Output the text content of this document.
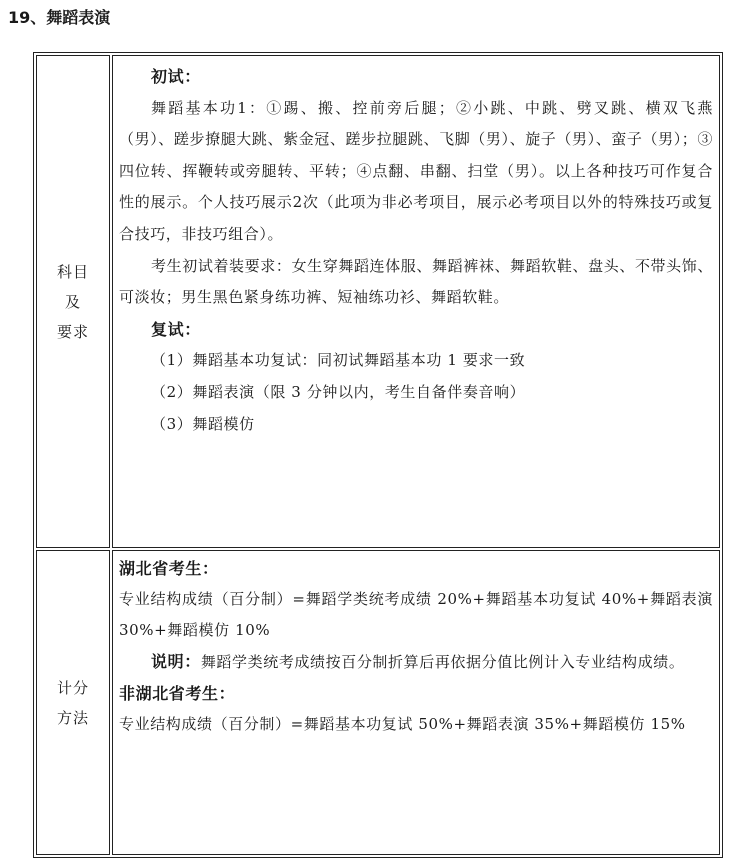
19、舞蹈表演
科目及
要求

初试：

舞蹈基本功1：①踢、搬、控前旁后腿；②小跳、中跳、劈叉跳、横双飞燕（男）、蹉步撩腿大跳、紫金冠、蹉步拉腿跳、飞脚（男）、旋子（男）、蛮子（男）；③四位转、挥鞭转或旁腿转、平转；④点翻、串翻、扫堂（男）。以上各种技巧可作复合性的展示。个人技巧展示2次（此项为非必考项目，展示必考项目以外的特殊技巧或复合技巧，非技巧组合）。

考生初试着装要求：女生穿舞蹈连体服、舞蹈裤袜、舞蹈软鞋、盘头、不带头饰、可淡妆；男生黑色紧身练功裤、短袖练功衫、舞蹈软鞋。

复试：

（1）舞蹈基本功复试：同初试舞蹈基本功 1 要求一致

（2）舞蹈表演（限 3 分钟以内，考生自备伴奏音响）

（3）舞蹈模仿

计分
方法

湖北省考生：

专业结构成绩（百分制）=舞蹈学类统考成绩 20%+舞蹈基本功复试 40%+舞蹈表演 30%+舞蹈模仿 10%

说明：舞蹈学类统考成绩按百分制折算后再依据分值比例计入专业结构成绩。

非湖北省考生：

专业结构成绩（百分制）=舞蹈基本功复试 50%+舞蹈表演 35%+舞蹈模仿 15%
